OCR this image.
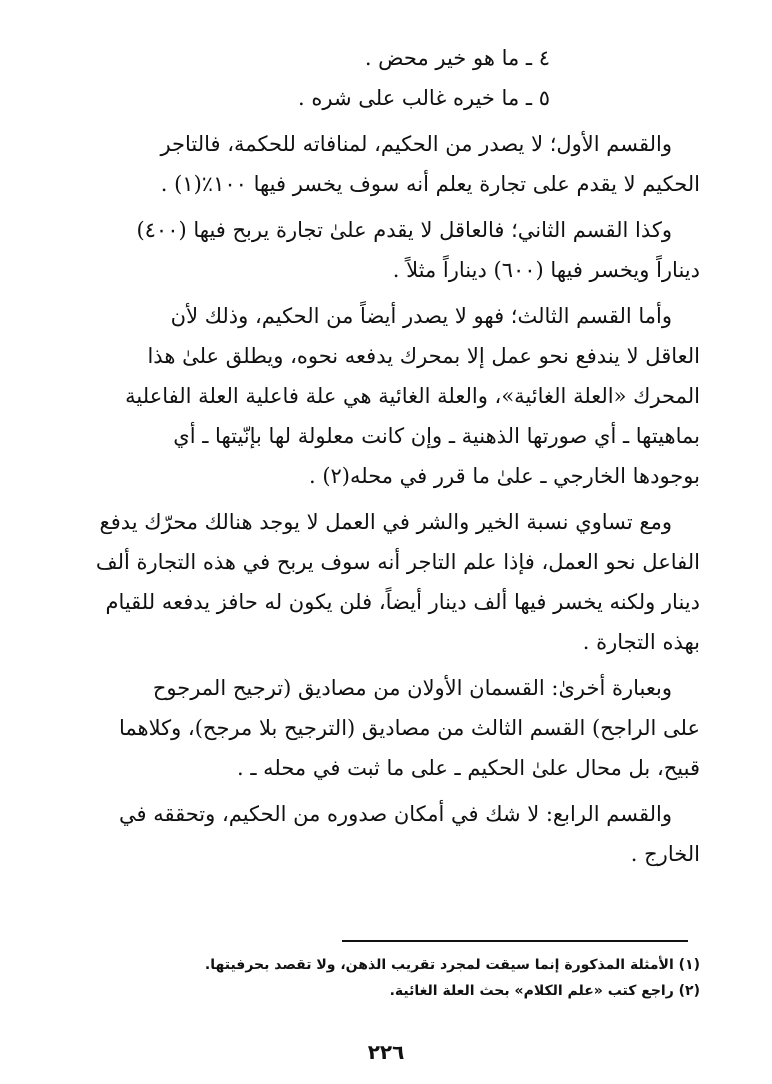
٤ ـ ما هو خير محض .
٥ ـ ما خيره غالب على شره .
والقسم الأول؛ لا يصدر من الحكيم، لمنافاته للحكمة، فالتاجر
الحكيم لا يقدم على تجارة يعلم أنه سوف يخسر فيها ١٠٠٪(١) .
وكذا القسم الثاني؛ فالعاقل لا يقدم علىٰ تجارة يربح فيها (٤٠٠)
ديناراً ويخسر فيها (٦٠٠) ديناراً مثلاً .
وأما القسم الثالث؛ فهو لا يصدر أيضاً من الحكيم، وذلك لأن
العاقل لا يندفع نحو عمل إلا بمحرك يدفعه نحوه، ويطلق علىٰ هذا
المحرك «العلة الغائية»، والعلة الغائية هي علة فاعلية العلة الفاعلية
بماهيتها ـ أي صورتها الذهنية ـ وإن كانت معلولة لها بإنّيتها ـ أي
بوجودها الخارجي ـ علىٰ ما قرر في محله(٢) .
ومع تساوي نسبة الخير والشر في العمل لا يوجد هنالك محرّك يدفع
الفاعل نحو العمل، فإذا علم التاجر أنه سوف يربح في هذه التجارة ألف
دينار ولكنه يخسر فيها ألف دينار أيضاً، فلن يكون له حافز يدفعه للقيام
بهذه التجارة .
وبعبارة أخرىٰ: القسمان الأولان من مصاديق (ترجيح المرجوح
على الراجح) القسم الثالث من مصاديق (الترجيح بلا مرجح)، وكلاهما
قبيح، بل محال علىٰ الحكيم ـ على ما ثبت في محله ـ .
والقسم الرابع: لا شك في أمكان صدوره من الحكيم، وتحققه في
الخارج .
(١) الأمثلة المذكورة إنما سيقت لمجرد تقريب الذهن، ولا تقصد بحرفيتها.
(٢) راجع كتب «علم الكلام» بحث العلة الغائية.
٢٢٦
